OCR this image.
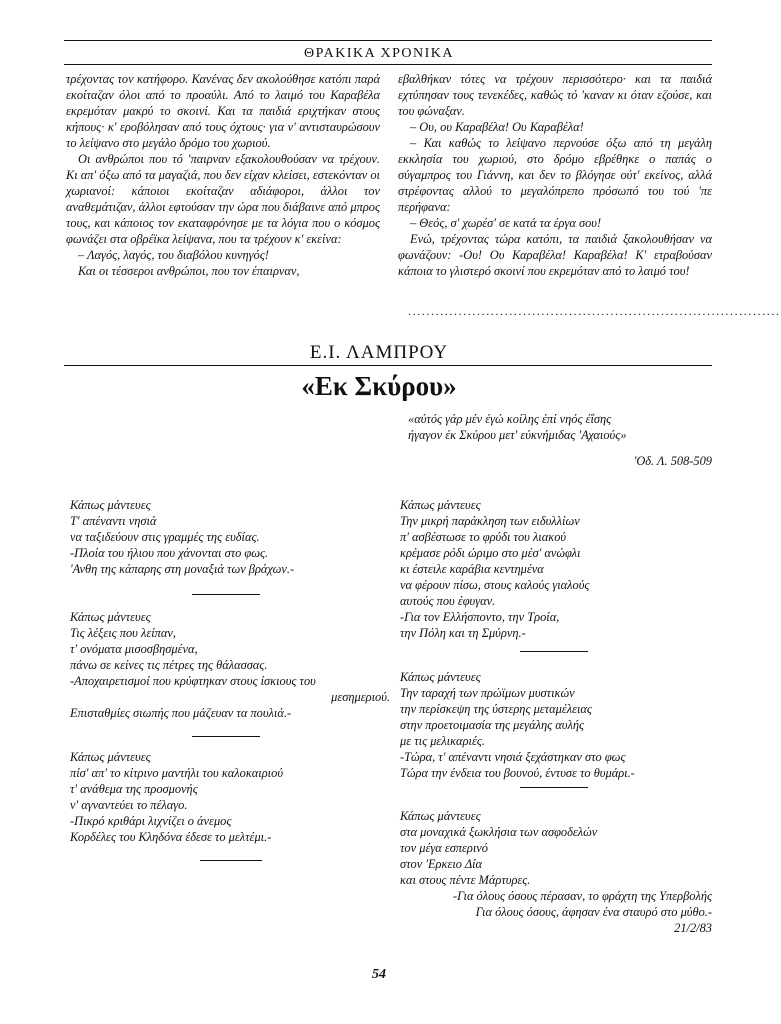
ΘΡΑΚΙΚΑ ΧΡΟΝΙΚΑ

τρέχοντας τον κατήφορο. Κανένας δεν ακολούθησε κατόπι παρά εκοίταζαν όλοι από το προαύλι. Από το λαιμό του Καραβέλα εκρεμόταν μακρύ το σκοινί. Και τα παιδιά εριχτήκαν στους κήπους· κ' εροβόλησαν από τους όχτους· για ν' αντισταυρώσουν το λείψανο στο μεγάλο δρόμο του χωριού.

Οι ανθρώποι που τό 'παιρναν εξακολουθούσαν να τρέχουν. Κι απ' όξω από τα μαγαζιά, που δεν είχαν κλείσει, εστεκόνταν οι χωριανοί: κάποιοι εκοίταζαν αδιάφοροι, άλλοι τον αναθεμάτιζαν, άλλοι εφτούσαν την ώρα που διάβαινε από μπρος τους, και κάποιος τον εκαταφρόνησε με τα λόγια που ο κόσμος φωνάζει στα οβρέϊκα λείψανα, που τα τρέχουν κ' εκείνα:

– Λαγός, λαγός, του διαβόλου κυνηγός!

Και οι τέσσεροι ανθρώποι, που τον έπαιρναν,

εβαλθήκαν τότες να τρέχουν περισσότερο· και τα παιδιά εχτύπησαν τους τενεκέδες, καθώς τό 'καναν κι όταν εζούσε, και του φώναξαν.

– Ου, ου Καραβέλα! Ου Καραβέλα!

– Και καθώς το λείψανο περνούσε όξω από τη μεγάλη εκκλησία του χωριού, στο δρόμο εβρέθηκε ο παπάς ο σύγαμπρος του Γιάννη, και δεν το βλόγησε ούτ' εκείνος, αλλά στρέφοντας αλλού το μεγαλόπρεπο πρόσωπό του τού 'πε περήφανα:

– Θεός, σ' χωρέσ' σε κατά τα έργα σου!

Ενώ, τρέχοντας τώρα κατόπι, τα παιδιά ξακολουθήσαν να φωνάζουν: -Ου! Ου Καραβέλα! Καραβέλα! Κ' ετραβούσαν κάποια το γλιστερό σκοινί που εκρεμόταν από το λαιμό του!

.................................................................................
Ε.Ι. ΛΑΜΠΡΟΥ
«Εκ Σκύρου»
«αύτός γάρ μέν έγώ κοίλης έπί νηός έΐσης
ήγαγον έκ Σκύρου μετ' εύκνήμιδας 'Αχαιούς»
'Οδ. Λ. 508-509
Κάπως μάντευες
Τ' απέναντι νησιά
να ταξιδεύουν στις γραμμές της ευδίας.
-Πλοία του ήλιου που χάνονται στο φως.
'Ανθη της κάπαρης στη μοναξιά των βράχων.-
Κάπως μάντευες
Τις λέξεις που λείπαν,
τ' ονόματα μισοσβησμένα,
πάνω σε κείνες τις πέτρες της θάλασσας.
-Αποχαιρετισμοί που κρύφτηκαν στους ίσκιους του
μεσημεριού.
Επισταθμίες σιωπής που μάζευαν τα πουλιά.-
Κάπως μάντευες
πίσ' απ' το κίτρινο μαντήλι του καλοκαιριού
τ' ανάθεμα της προσμονής
ν' αγναντεύει το πέλαγο.
-Πικρό κριθάρι λιχνίζει ο άνεμος
Κορδέλες του Κληδόνα έδεσε το μελτέμι.-
Κάπως μάντευες
Την μικρή παράκληση των ειδυλλίων
π' ασβέστωσε το φρύδι του λιακού
κρέμασε ρόδι ώριμο στο μέσ' ανώφλι
κι έστειλε καράβια κεντημένα
να φέρουν πίσω, στους καλούς γιαλούς
αυτούς που έφυγαν.
-Για τον Ελλήσποντο, την Τροία,
την Πόλη και τη Σμύρνη.-
Κάπως μάντευες
Την ταραχή των πρώϊμων μυστικών
την περίσκεψη της ύστερης μεταμέλειας
στην προετοιμασία της μεγάλης αυλής
με τις μελικαριές.
-Τώρα, τ' απέναντι νησιά ξεχάστηκαν στο φως
Τώρα την ένδεια του βουνού, έντυσε το θυμάρι.-
Κάπως μάντευες
στα μοναχικά ξωκλήσια των ασφοδελών
τον μέγα εσπερινό
στον 'Ερκειο Δία
και στους πέντε Μάρτυρες.
-Για όλους όσους πέρασαν, το φράχτη της Υπερβολής
Για όλους όσους, άφησαν ένα σταυρό στο μύθο.-
21/2/83
54
